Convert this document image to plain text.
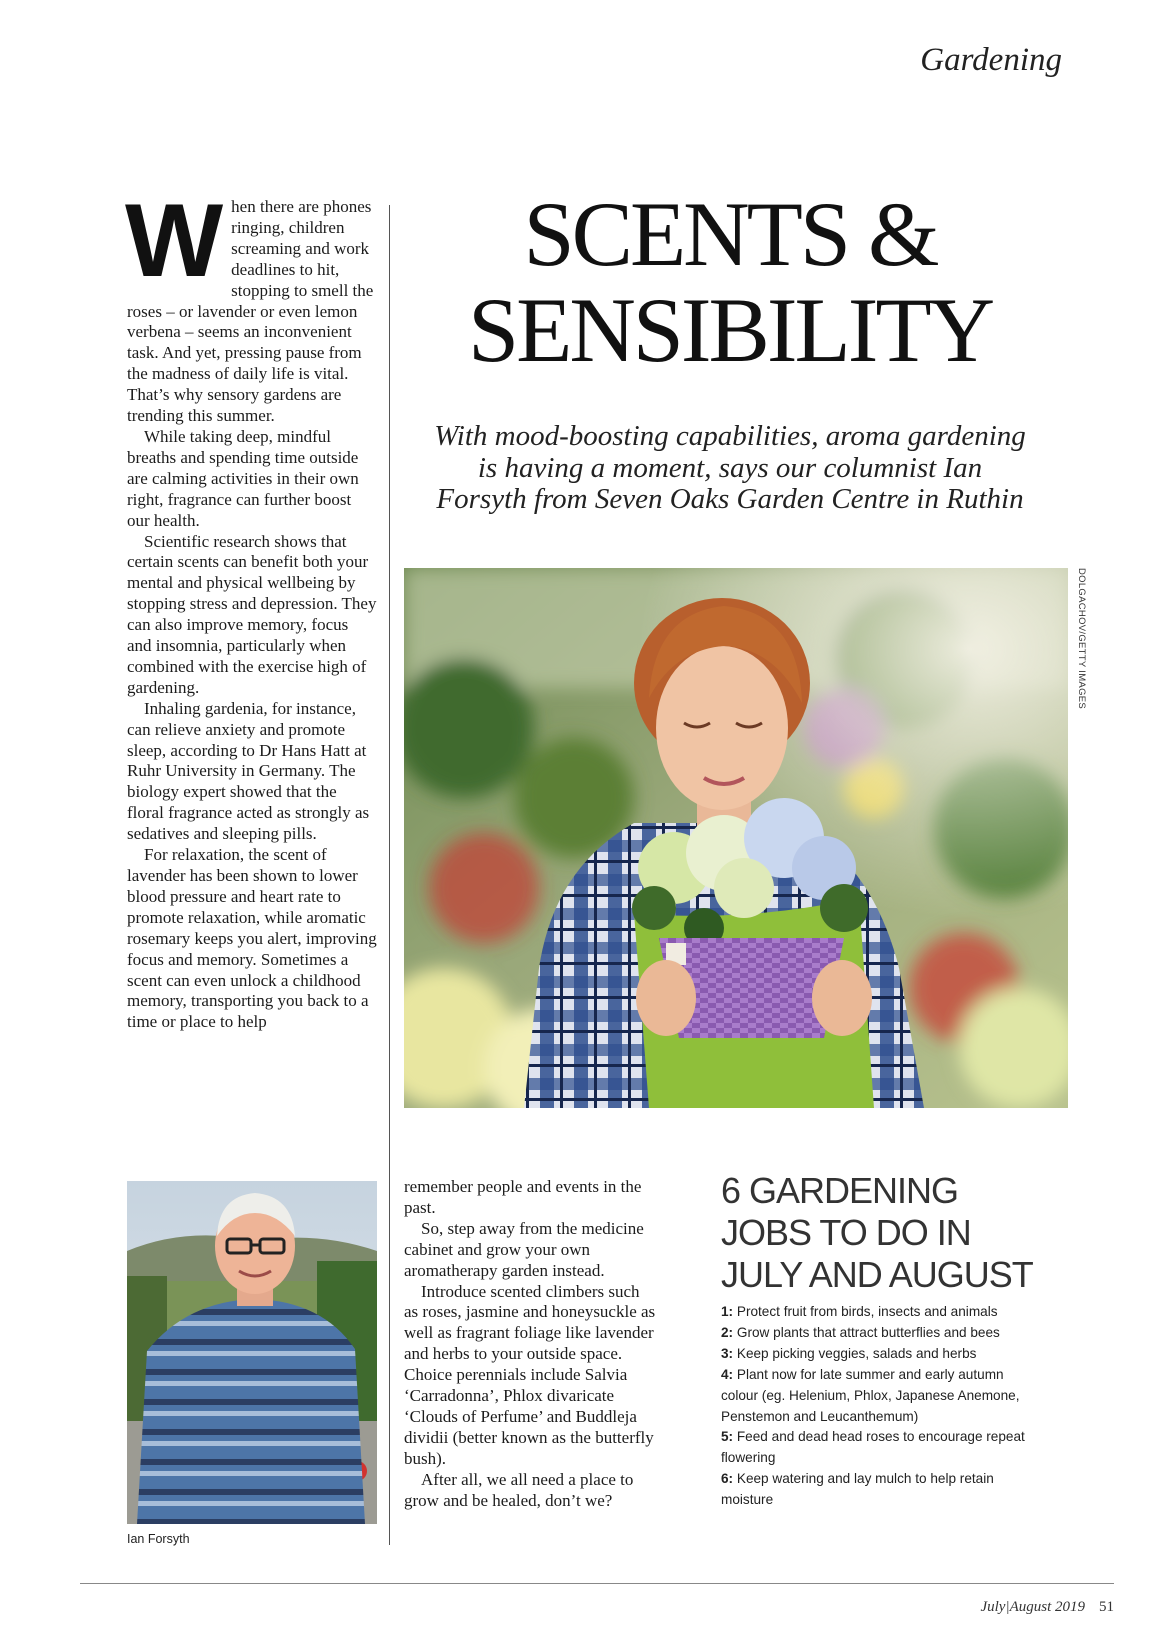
Gardening

When there are phones ringing, children screaming and work deadlines to hit, stopping to smell the roses – or lavender or even lemon verbena – seems an inconvenient task. And yet, pressing pause from the madness of daily life is vital. That’s why sensory gardens are trending this summer.

While taking deep, mindful breaths and spending time outside are calming activities in their own right, fragrance can further boost our health.

Scientific research shows that certain scents can benefit both your mental and physical wellbeing by stopping stress and depression. They can also improve memory, focus and insomnia, particularly when combined with the exercise high of gardening.

Inhaling gardenia, for instance, can relieve anxiety and promote sleep, according to Dr Hans Hatt at Ruhr University in Germany. The biology expert showed that the floral fragrance acted as strongly as sedatives and sleeping pills.

For relaxation, the scent of lavender has been shown to lower blood pressure and heart rate to promote relaxation, while aromatic rosemary keeps you alert, improving focus and memory. Sometimes a scent can even unlock a childhood memory, transporting you back to a time or place to help

SCENTS & SENSIBILITY
With mood-boosting capabilities, aroma gardening is having a moment, says our columnist Ian Forsyth from Seven Oaks Garden Centre in Ruthin
DOLGACHOV/GETTY IMAGES
Ian Forsyth

remember people and events in the past.

So, step away from the medicine cabinet and grow your own aromatherapy garden instead.

Introduce scented climbers such as roses, jasmine and honeysuckle as well as fragrant foliage like lavender and herbs to your outside space. Choice perennials include Salvia ‘Carradonna’, Phlox divaricate ‘Clouds of Perfume’ and Buddleja dividii (better known as the butterfly bush).

After all, we all need a place to grow and be healed, don’t we?

6 GARDENING JOBS TO DO IN JULY AND AUGUST
1: Protect fruit from birds, insects and animals
2: Grow plants that attract butterflies and bees
3: Keep picking veggies, salads and herbs
4: Plant now for late summer and early autumn colour (eg. Helenium, Phlox, Japanese Anemone, Penstemon and Leucanthemum)
5: Feed and dead head roses to encourage repeat flowering
6: Keep watering and lay mulch to help retain moisture
July|August 2019 51
